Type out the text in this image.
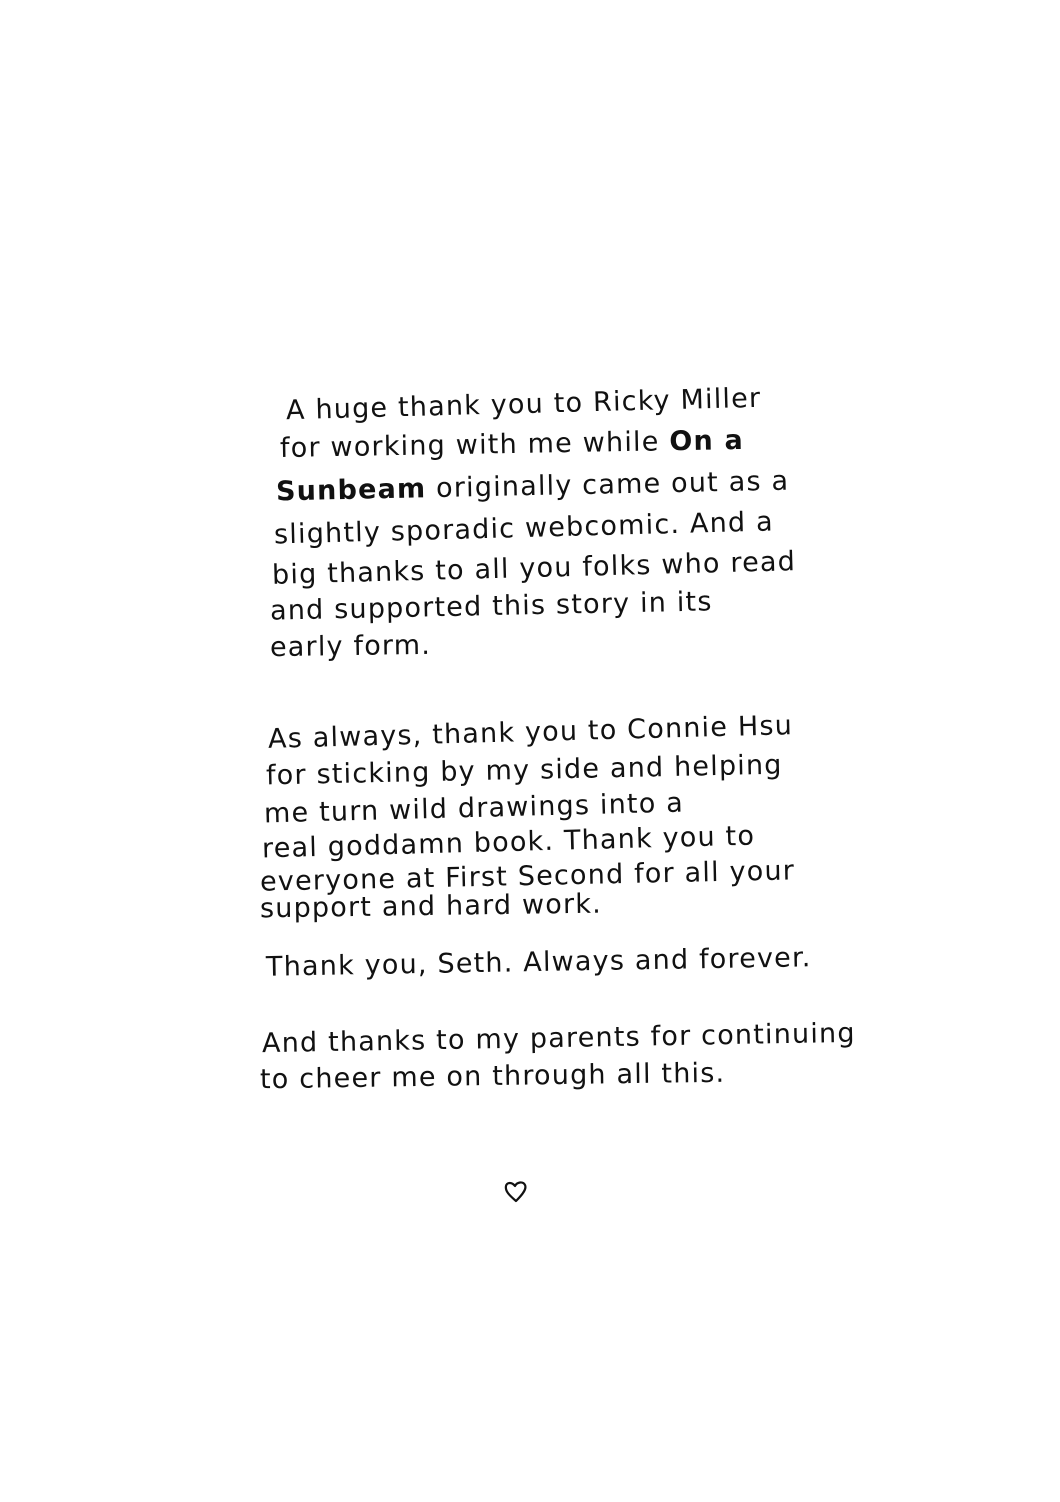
A huge thank you to Ricky Miller
for working with me while On a
Sunbeam originally came out as a
slightly sporadic webcomic. And a
big thanks to all you folks who read
and supported this story in its
early form.
As always, thank you to Connie Hsu
for sticking by my side and helping
me turn wild drawings into a
real goddamn book. Thank you to
everyone at First Second for all your
support and hard work.
Thank you, Seth. Always and forever.
And thanks to my parents for continuing
to cheer me on through all this.
